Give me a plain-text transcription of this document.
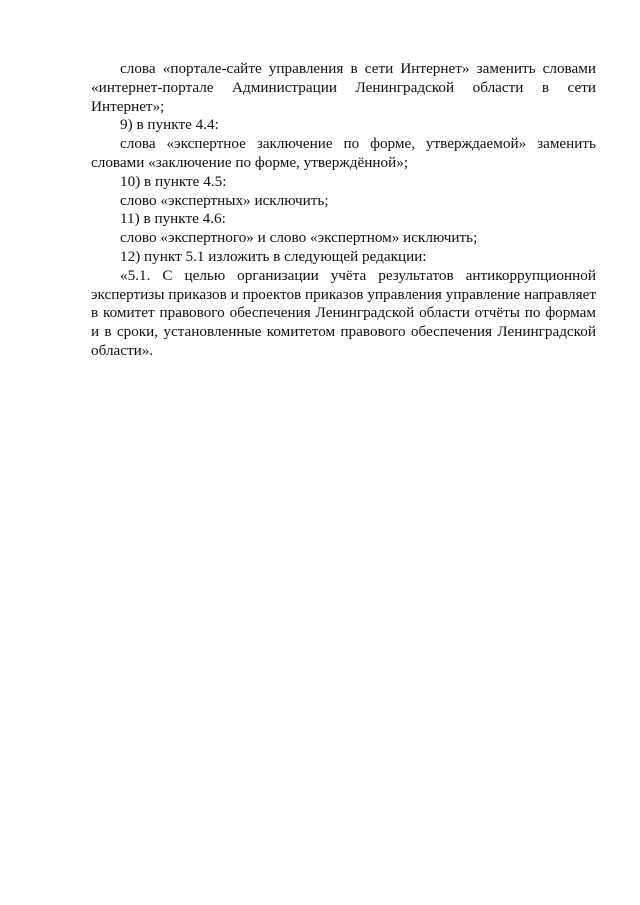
слова «портале-сайте управления в сети Интернет» заменить словами «интернет-портале Администрации Ленинградской области в сети Интернет»;

9) в пункте 4.4:

слова «экспертное заключение по форме, утверждаемой» заменить словами «заключение по форме, утверждённой»;

10) в пункте 4.5:

слово «экспертных» исключить;

11) в пункте 4.6:

слово «экспертного» и слово «экспертном» исключить;

12) пункт 5.1 изложить в следующей редакции:

«5.1. С целью организации учёта результатов антикоррупционной экспертизы приказов и проектов приказов управления управление направляет в комитет правового обеспечения Ленинградской области отчёты по формам и в сроки, установленные комитетом правового обеспечения Ленинградской области».
